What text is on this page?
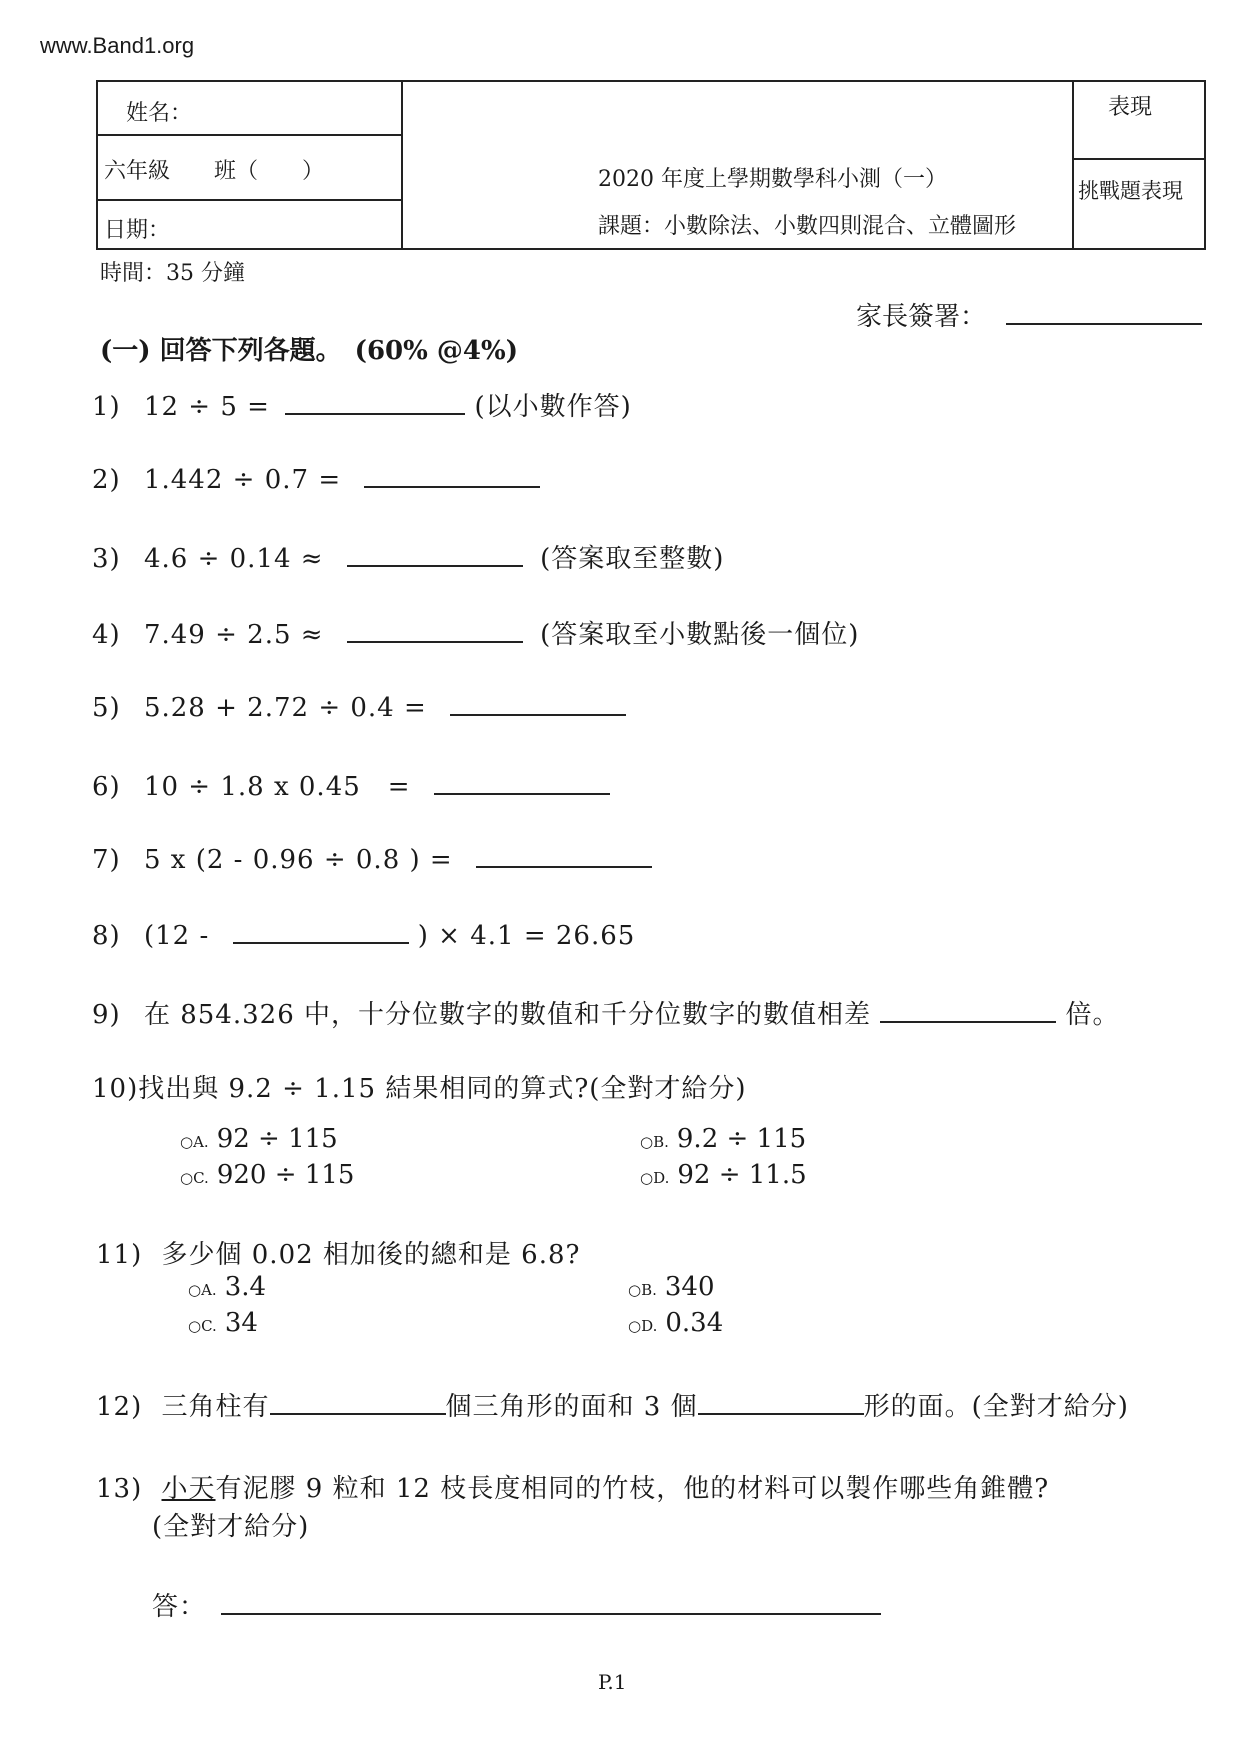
www.Band1.org
姓名：
六年級　　班（　　）
日期：
2020 年度上學期數學科小測（一）
課題：小數除法、小數四則混合、立體圖形
表現
挑戰題表現
時間：35 分鐘
家長簽署：
(一) 回答下列各題。　(60% @4%)
1) 12 ÷ 5 =	(以小數作答)
2) 1.442 ÷ 0.7 =
3) 4.6 ÷ 0.14 ≈	(答案取至整數)
4) 7.49 ÷ 2.5 ≈	(答案取至小數點後一個位)
5) 5.28 + 2.72 ÷ 0.4 =
6) 10 ÷ 1.8 x 0.45　=
7) 5 x (2 - 0.96 ÷ 0.8 ) =
8) (12 -	) × 4.1 = 26.65
9) 在 854.326 中，十分位數字的數值和千分位數字的數值相差	倍。
10)找出與 9.2 ÷ 1.15 結果相同的算式?(全對才給分)
○A. 92 ÷ 115	○B. 9.2 ÷ 115
○C. 920 ÷ 115	○D. 92 ÷ 11.5
11) 多少個 0.02 相加後的總和是 6.8?
○A. 3.4	○B. 340
○C. 34	○D. 0.34
12) 三角柱有	個三角形的面和 3 個	形的面。(全對才給分)
13) 小天有泥膠 9 粒和 12 枝長度相同的竹枝，他的材料可以製作哪些角錐體?
(全對才給分)
答：
P.1
